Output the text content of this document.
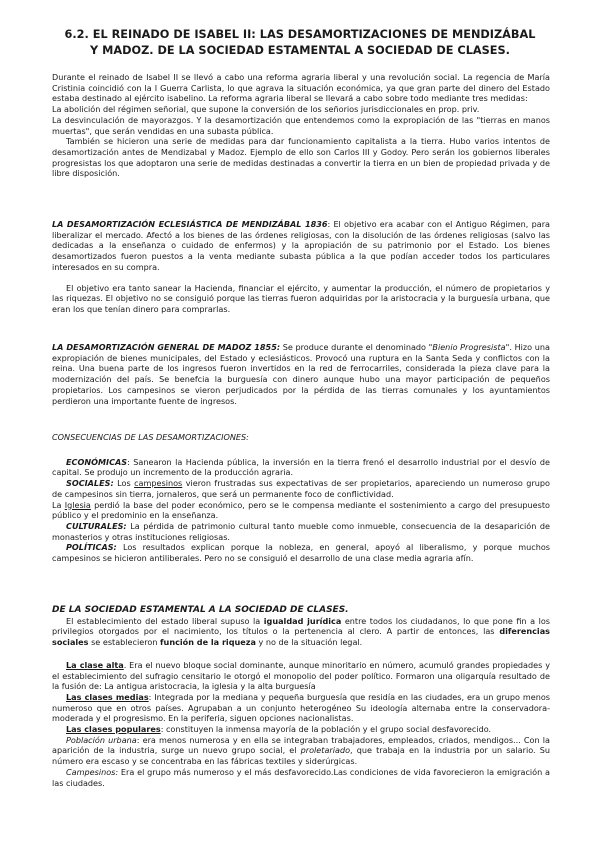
6.2. EL REINADO DE ISABEL II: LAS DESAMORTIZACIONES DE MENDIZÁBAL Y MADOZ. DE LA SOCIEDAD ESTAMENTAL A SOCIEDAD DE CLASES.

Durante el reinado de Isabel II se llevó a cabo una reforma agraria liberal y una revolución social. La regencia de María Cristinia coincidió con la I Guerra Carlista, lo que agrava la situación económica, ya que gran parte del dinero del Estado estaba destinado al ejército isabelino. La reforma agraria liberal se llevará a cabo sobre todo mediante tres medidas:

La abolición del régimen señorial, que supone la conversión de los señorios jurisdiccionales en prop. priv.

La desvinculación de mayorazgos. Y la desamortización que entendemos como la expropiación de las "tierras en manos muertas", que serán vendidas en una subasta pública.

También se hicieron una serie de medidas para dar funcionamiento capitalista a la tierra. Hubo varios intentos de desamortización antes de Mendizabal y Madoz. Ejemplo de ello son Carlos III y Godoy. Pero serán los gobiernos liberales progresistas los que adoptaron una serie de medidas destinadas a convertir la tierra en un bien de propiedad privada y de libre disposición.

LA DESAMORTIZACIÓN ECLESIÁSTICA DE MENDIZÁBAL 1836: El objetivo era acabar con el Antiguo Régimen, para liberalizar el mercado. Afectó a los bienes de las órdenes religiosas, con la disolución de las órdenes religiosas (salvo las dedicadas a la enseñanza o cuidado de enfermos) y la apropiación de su patrimonio por el Estado. Los bienes desamortizados fueron puestos a la venta mediante subasta pública a la que podían acceder todos los particulares interesados en su compra.

El objetivo era tanto sanear la Hacienda, financiar el ejército, y aumentar la producción, el número de propietarios y las riquezas. El objetivo no se consiguió porque las tierras fueron adquiridas por la aristocracia y la burguesía urbana, que eran los que tenían dinero para comprarlas.

LA DESAMORTIZACIÓN GENERAL DE MADOZ 1855: Se produce durante el denominado "Bienio Progresista". Hizo una expropiación de bienes municipales, del Estado y eclesiásticos. Provocó una ruptura en la Santa Seda y conflictos con la reina. Una buena parte de los ingresos fueron invertidos en la red de ferrocarriles, considerada la pieza clave para la modernización del país. Se benefcia la burguesía con dinero aunque hubo una mayor participación de pequeños propietarios. Los campesinos se vieron perjudicados por la pérdida de las tierras comunales y los ayuntamientos perdieron una importante fuente de ingresos.

CONSECUENCIAS DE LAS DESAMORTIZACIONES:

ECONÓMICAS: Sanearon la Hacienda pública, la inversión en la tierra frenó el desarrollo industrial por el desvío de capital. Se produjo un incremento de la producción agraria.

SOCIALES: Los campesinos vieron frustradas sus expectativas de ser propietarios, apareciendo un numeroso grupo de campesinos sin tierra, jornaleros, que será un permanente foco de conflictividad.

La Iglesia perdió la base del poder económico, pero se le compensa mediante el sostenimiento a cargo del presupuesto público y el predominio en la enseñanza.

CULTURALES: La pérdida de patrimonio cultural tanto mueble como inmueble, consecuencia de la desaparición de monasterios y otras instituciones religiosas.

POLÍTICAS: Los resultados explican porque la nobleza, en general, apoyó al liberalismo, y porque muchos campesinos se hicieron antiliberales. Pero no se consiguió el desarrollo de una clase media agraria afín.

DE LA SOCIEDAD ESTAMENTAL A LA SOCIEDAD DE CLASES.

El establecimiento del estado liberal supuso la igualdad jurídica entre todos los ciudadanos, lo que pone fin a los privilegios otorgados por el nacimiento, los títulos o la pertenencia al clero. A partir de entonces, las diferencias sociales se establecieron función de la riqueza y no de la situación legal.

La clase alta. Era el nuevo bloque social dominante, aunque minoritario en número, acumuló grandes propiedades y el establecimiento del sufragio censitario le otorgó el monopolio del poder político. Formaron una oligarquía resultado de la fusión de: La antigua aristocracia, la iglesia y la alta burguesía

Las clases medias: Integrada por la mediana y pequeña burguesía que residía en las ciudades, era un grupo menos numeroso que en otros países. Agrupaban a un conjunto heterogéneo Su ideología alternaba entre la conservadora-moderada y el progresismo. En la periferia, siguen opciones nacionalistas.

Las clases populares: constituyen la inmensa mayoría de la población y el grupo social desfavorecido.

Población urbana: era menos numerosa y en ella se integraban trabajadores, empleados, criados, mendigos... Con la aparición de la industria, surge un nuevo grupo social, el proletariado, que trabaja en la industria por un salario. Su número era escaso y se concentraba en las fábricas textiles y siderúrgicas.

Campesinos: Era el grupo más numeroso y el más desfavorecido.Las condiciones de vida favorecieron la emigración a las ciudades.
